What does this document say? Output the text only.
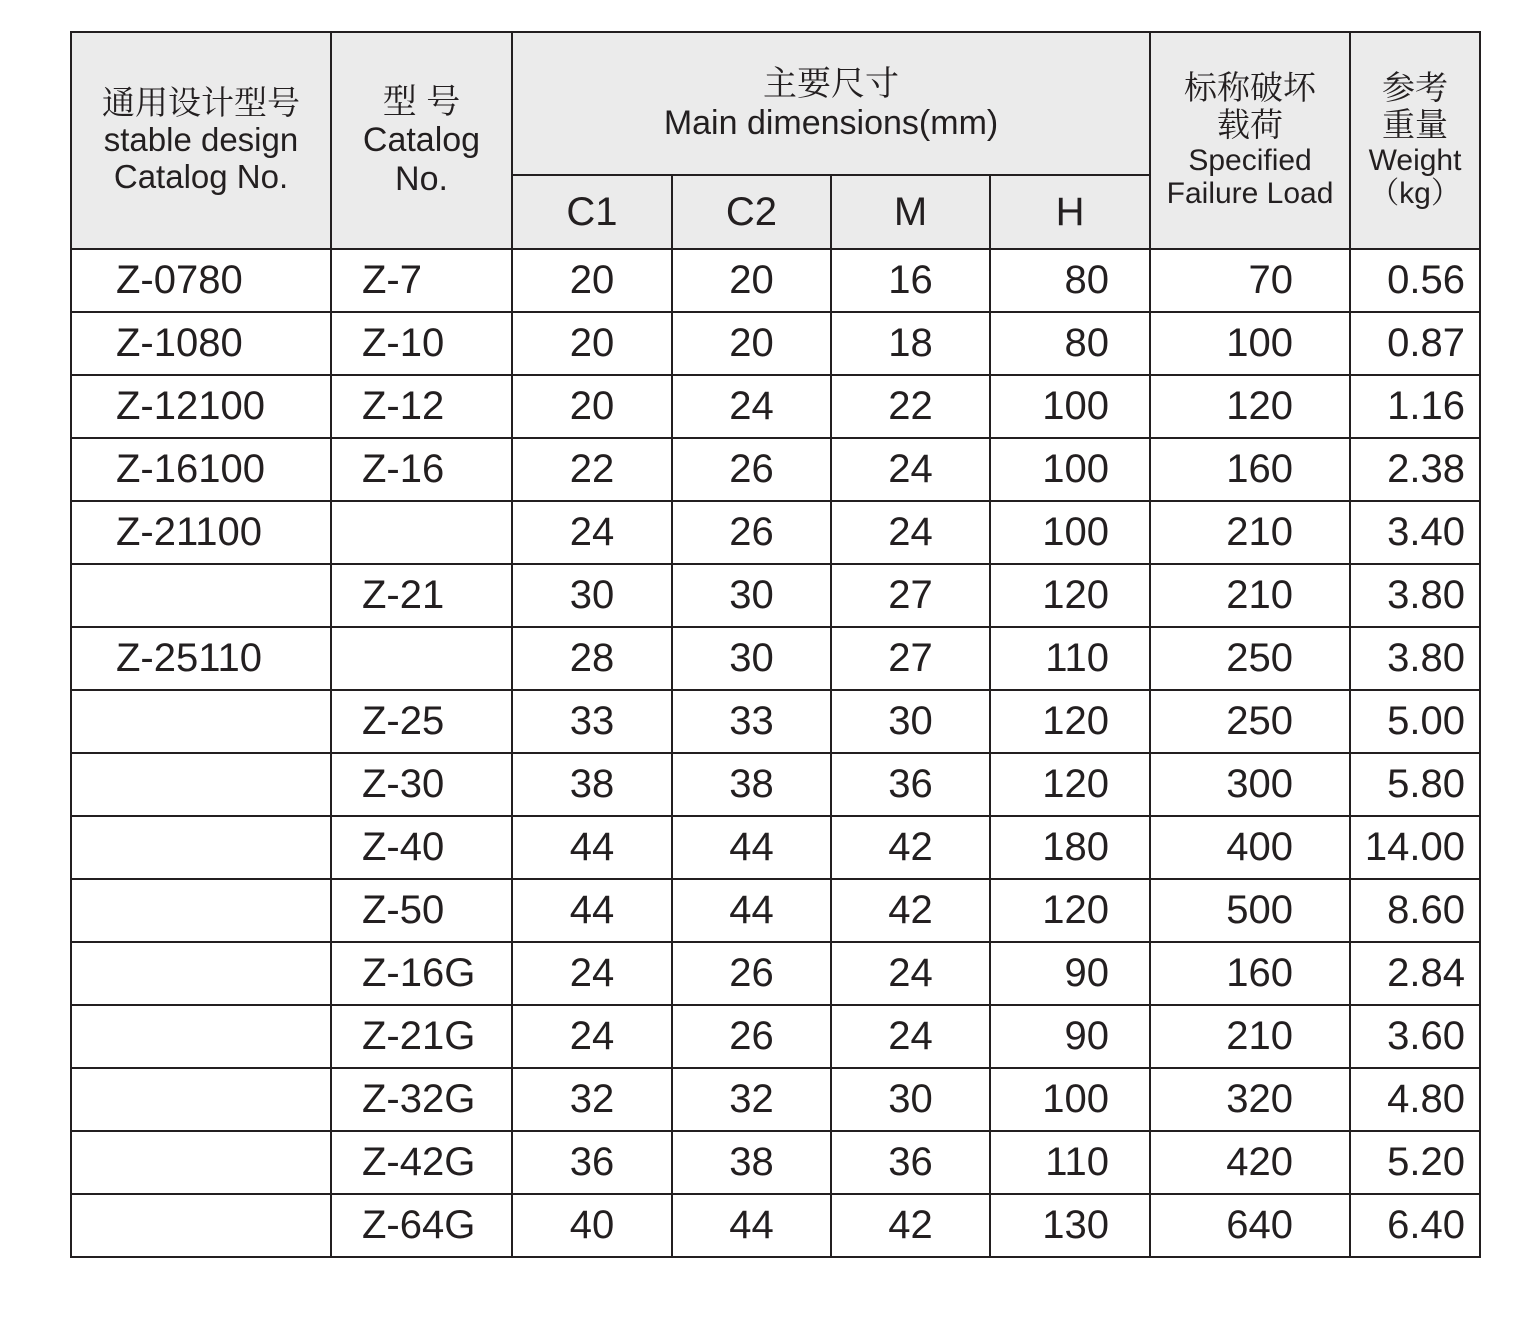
通用设计型号
stable design
Catalog No.	型 号
Catalog
No.	主要尺寸
Main dimensions(mm)				标称破坏
载荷
Specified
Failure Load	参考
重量
Weight
（kg）

		C1	C2	M	H		
Z-0780	Z-7	20	20	16	80	70	0.56
Z-1080	Z-10	20	20	18	80	100	0.87
Z-12100	Z-12	20	24	22	100	120	1.16
Z-16100	Z-16	22	26	24	100	160	2.38
Z-21100		24	26	24	100	210	3.40
	Z-21	30	30	27	120	210	3.80
Z-25110		28	30	27	110	250	3.80
	Z-25	33	33	30	120	250	5.00
	Z-30	38	38	36	120	300	5.80
	Z-40	44	44	42	180	400	14.00
	Z-50	44	44	42	120	500	8.60
	Z-16G	24	26	24	90	160	2.84
	Z-21G	24	26	24	90	210	3.60
	Z-32G	32	32	30	100	320	4.80
	Z-42G	36	38	36	110	420	5.20
	Z-64G	40	44	42	130	640	6.40
